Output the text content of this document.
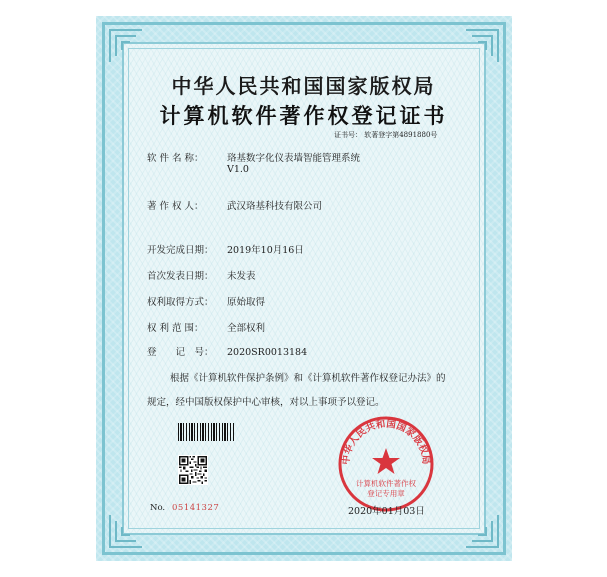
中华人民共和国国家版权局
计算机软件著作权登记证书
证书号： 软著登字第4891880号
软 件 名 称： 珞基数字化仪表墙智能管理系统
V1.0
著 作 权 人： 武汉珞基科技有限公司
开发完成日期： 2019年10月16日
首次发表日期： 未发表
权利取得方式： 原始取得
权 利 范 围： 全部权利
登　　记　号： 2020SR0013184
根据《计算机软件保护条例》和《计算机软件著作权登记办法》的
规定，经中国版权保护中心审核，对以上事项予以登记。
No. 05141327
中华人民共和国国家版权局
计算机软件著作权
登记专用章
2020年01月03日
